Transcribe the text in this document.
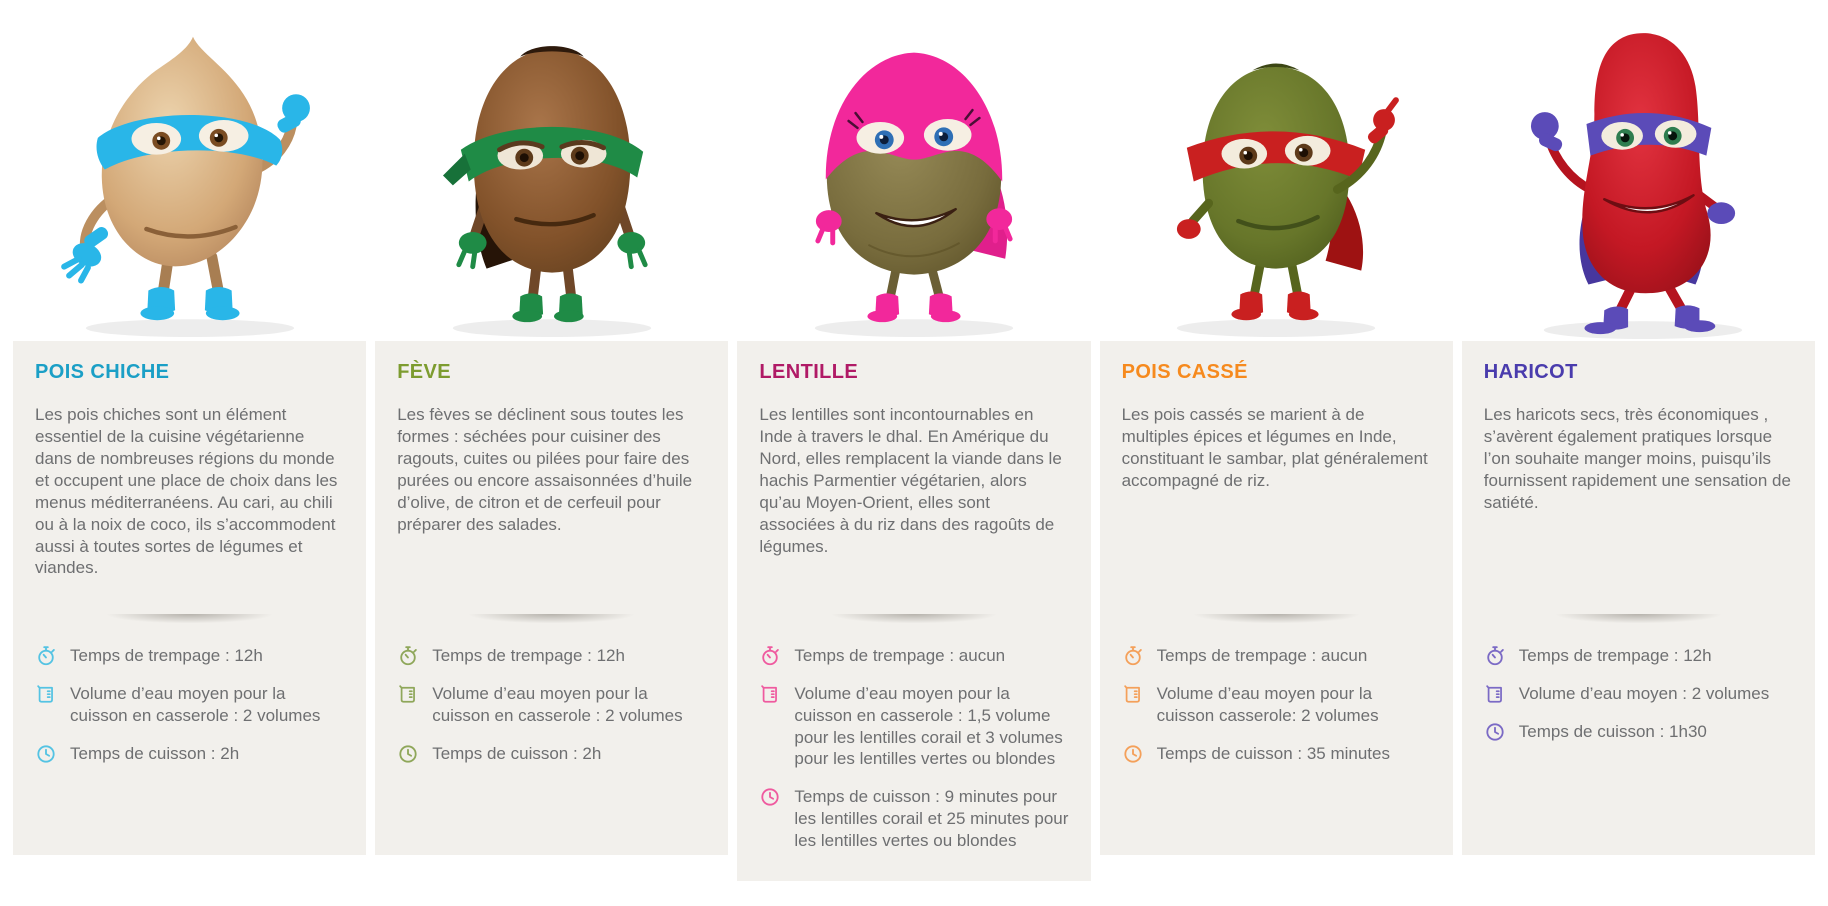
POIS CHICHE

Les pois chiches sont un élément essentiel de la cuisine végétarienne dans de nombreuses régions du monde et occupent une place de choix dans les menus méditerranéens. Au cari, au chili ou à la noix de coco, ils s’accommodent aussi à toutes sortes de légumes et viandes.

Temps de trempage : 12h
Volume d’eau moyen pour la cuisson en casserole : 2 volumes
Temps de cuisson : 2h
FÈVE

Les fèves se déclinent sous toutes les formes : séchées pour cuisiner des ragouts, cuites ou pilées pour faire des purées ou encore assaisonnées d’huile d’olive, de citron et de cerfeuil pour préparer des salades.

Temps de trempage : 12h
Volume d’eau moyen pour la cuisson en casserole : 2 volumes
Temps de cuisson : 2h
LENTILLE

Les lentilles sont incontournables en Inde à travers le dhal. En Amérique du Nord, elles remplacent la viande dans le hachis Parmentier végétarien, alors qu’au Moyen-Orient, elles sont associées à du riz dans des ragoûts de légumes.

Temps de trempage : aucun
Volume d’eau moyen pour la cuisson en casserole : 1,5 volume pour les lentilles corail et 3 volumes pour les lentilles vertes ou blondes
Temps de cuisson : 9 minutes pour les lentilles corail et 25 minutes pour les lentilles vertes ou blondes
POIS CASSÉ

Les pois cassés se marient à de multiples épices et légumes en Inde, constituant le sambar, plat généralement accompagné de riz.

Temps de trempage : aucun
Volume d’eau moyen pour la cuisson casserole: 2 volumes
Temps de cuisson : 35 minutes
HARICOT

Les haricots secs, très économiques , s’avèrent également pratiques lorsque l’on souhaite manger moins, puisqu’ils fournissent rapidement une sensation de satiété.

Temps de trempage : 12h
Volume d’eau moyen : 2 volumes
Temps de cuisson : 1h30
